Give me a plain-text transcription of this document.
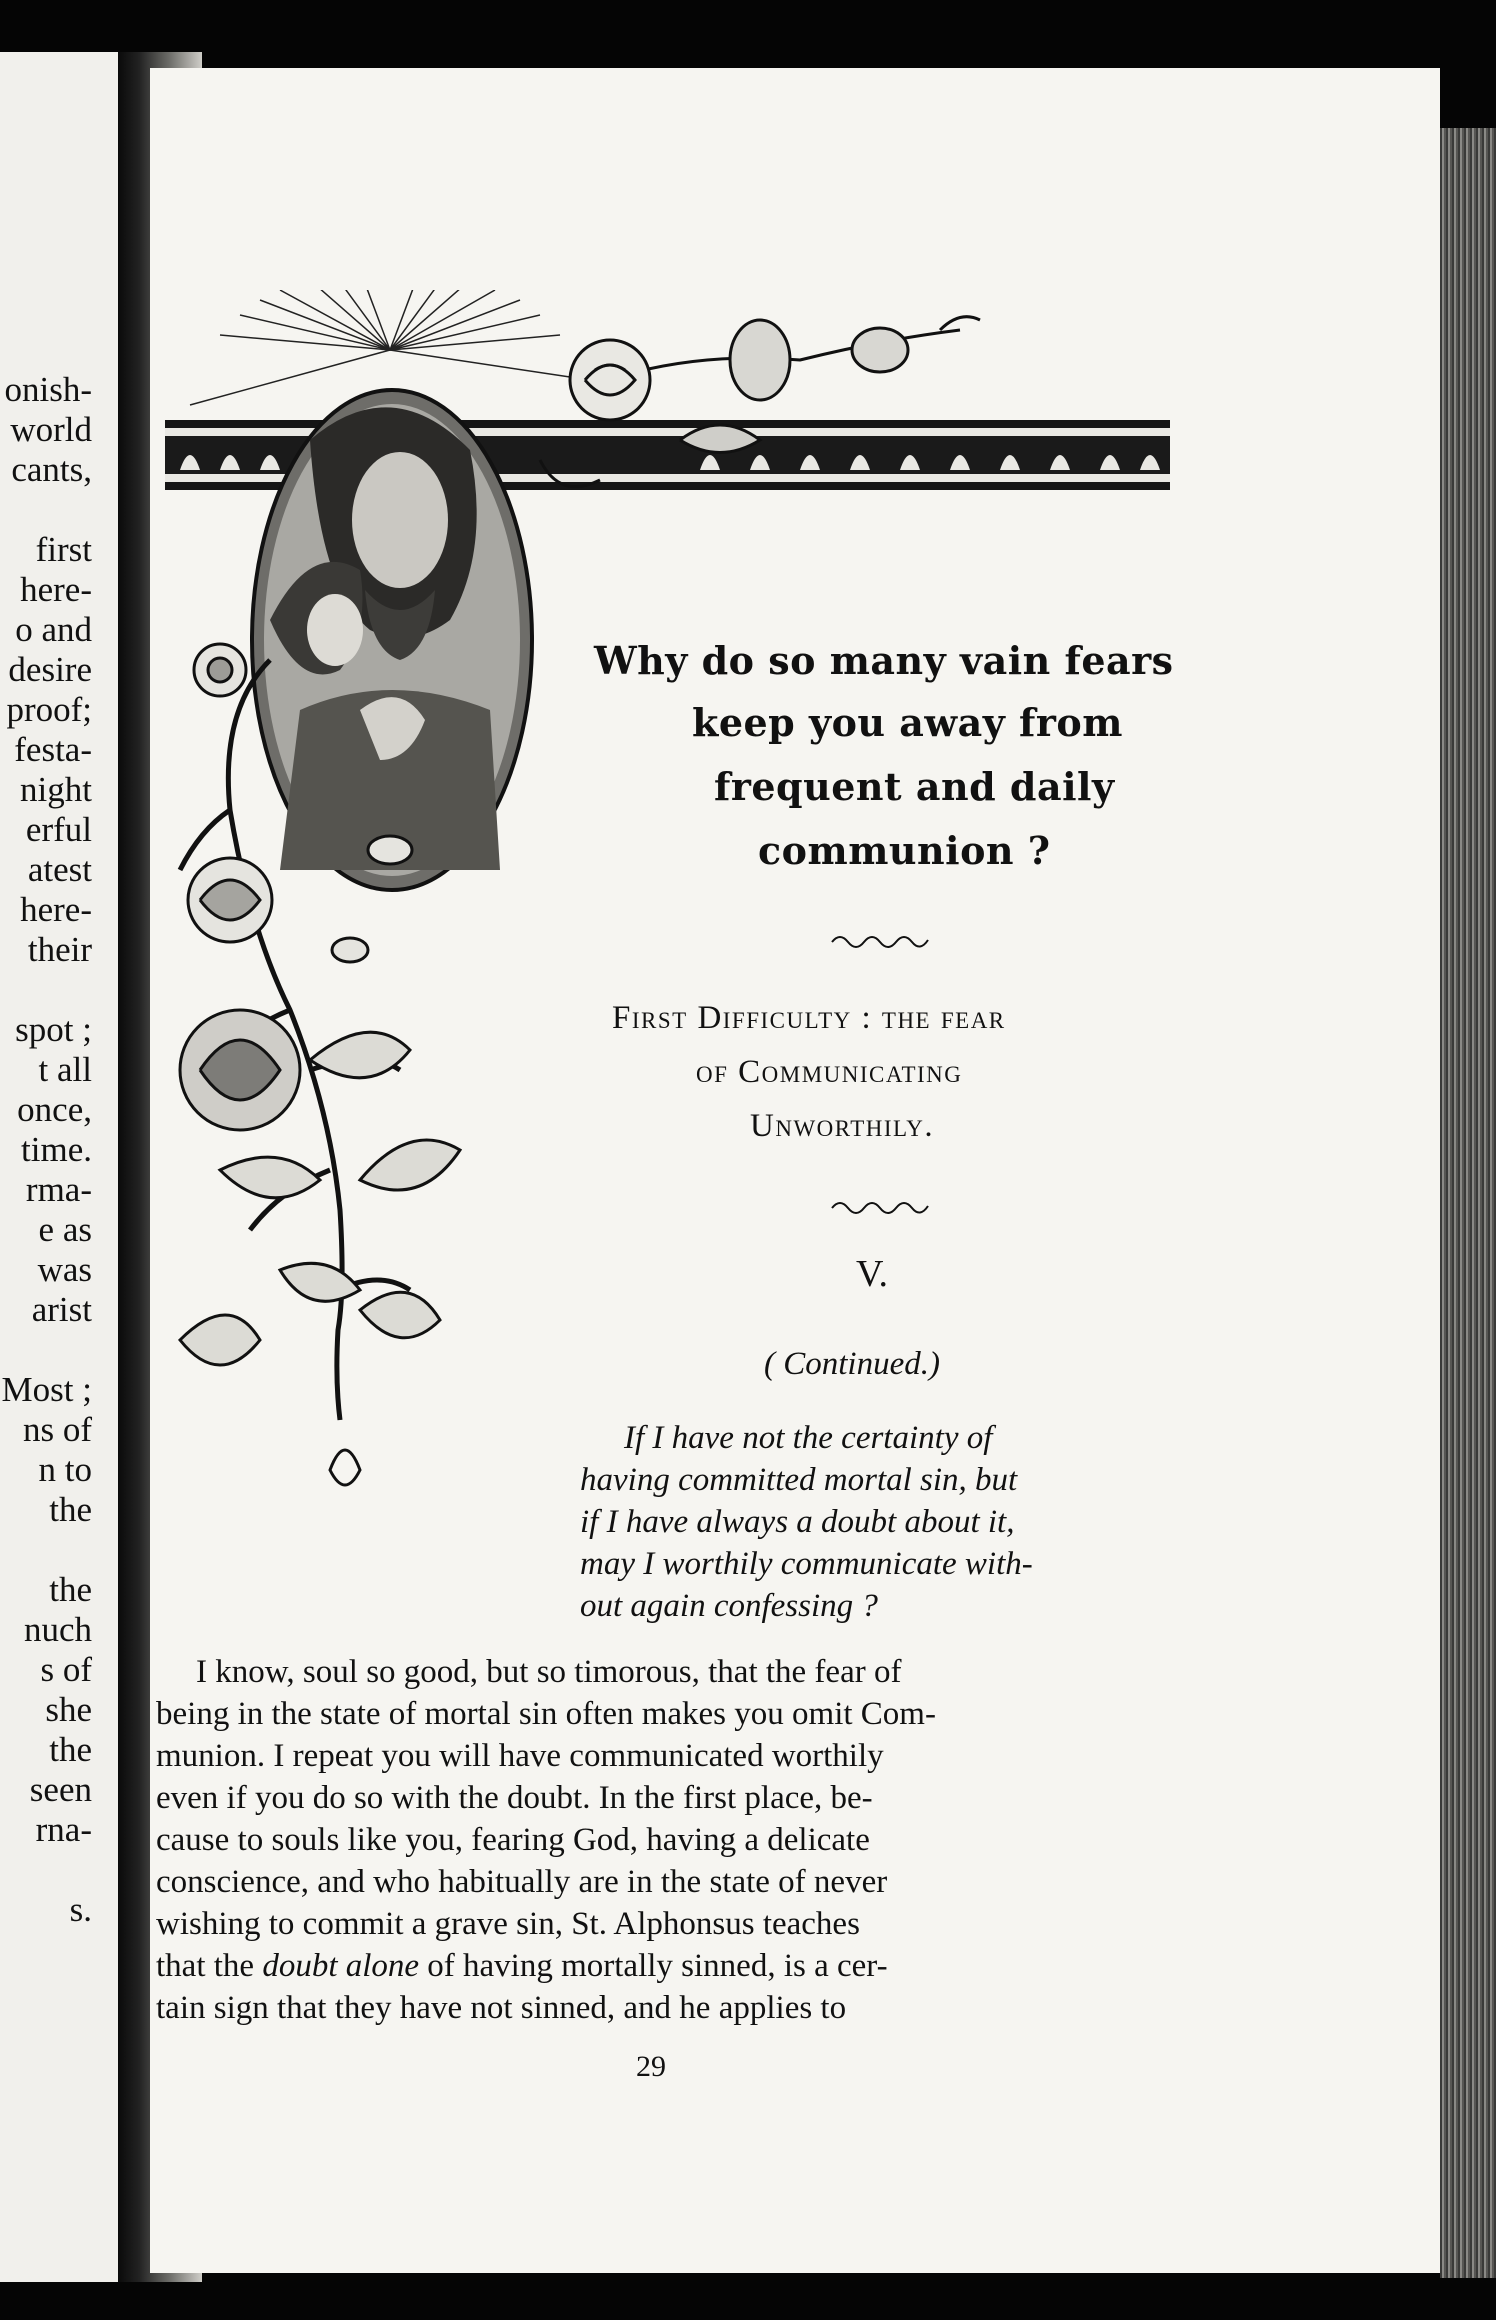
onish-
world
cants,
first
here-
o and
desire
proof;
festa-
night
erful
atest
here-
their
spot ;
t all
once,
time.
rma-
e as
was
arist
Most ;
ns of
n to
the
the
nuch
s of
she
the
seen
rna-
s.
Why do so many vain fears
keep you away from
frequent and daily
communion ?
First Difficulty : the fear
of Communicating
Unworthily.
V.
( Continued.)
If I have not the certainty of
having committed mortal sin, but
if I have always a doubt about it,
may I worthily communicate with-
out again confessing ?
I know, soul so good, but so timorous, that the fear of
being in the state of mortal sin often makes you omit Com-
munion. I repeat you will have communicated worthily
even if you do so with the doubt. In the first place, be-
cause to souls like you, fearing God, having a delicate
conscience, and who habitually are in the state of never
wishing to commit a grave sin, St. Alphonsus teaches
that the doubt alone of having mortally sinned, is a cer-
tain sign that they have not sinned, and he applies to
29
